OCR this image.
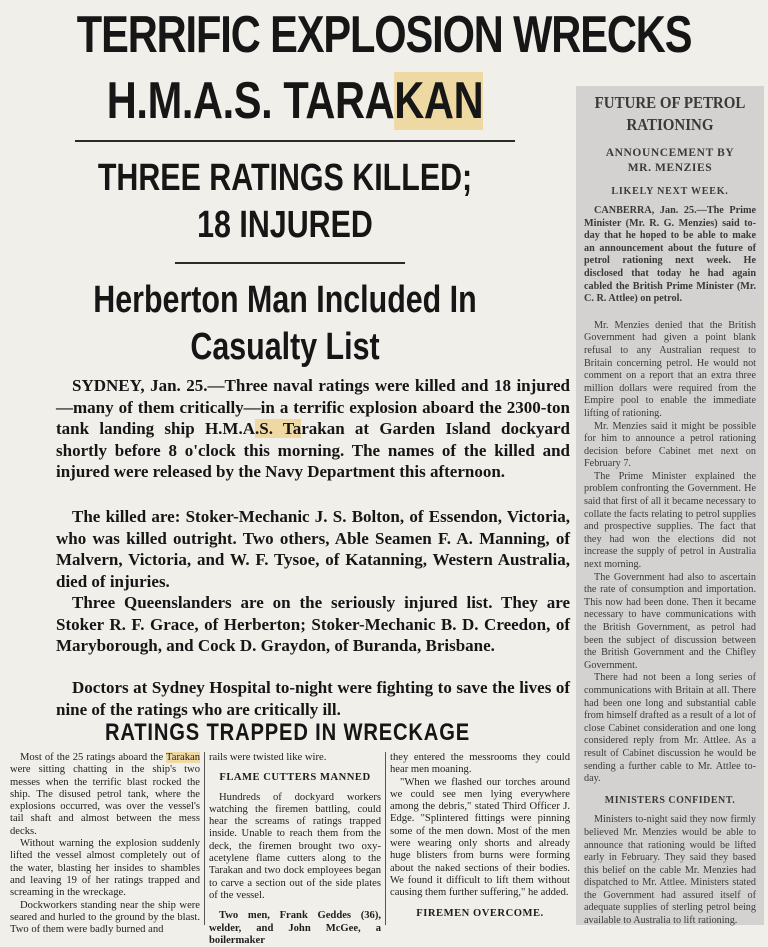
TERRIFIC EXPLOSION WRECKS
H.M.A.S. TARAKAN
THREE RATINGS KILLED;
18 INJURED
Herberton Man Included In
Casualty List

SYDNEY, Jan. 25.—Three naval ratings were killed and 18 injured—many of them critically—in a terrific explosion aboard the 2300-ton tank landing ship H.M.A.S. Tarakan at Garden Island dockyard shortly before 8 o'clock this morning. The names of the killed and injured were released by the Navy Department this afternoon.

The killed are: Stoker-Mechanic J. S. Bolton, of Essendon, Victoria, who was killed outright. Two others, Able Seamen F. A. Manning, of Malvern, Victoria, and W. F. Tysoe, of Katanning, Western Australia, died of injuries.

Three Queenslanders are on the seriously injured list. They are Stoker R. F. Grace, of Herberton; Stoker-Mechanic B. D. Creedon, of Maryborough, and Cock D. Graydon, of Buranda, Brisbane.

Doctors at Sydney Hospital to-night were fighting to save the lives of nine of the ratings who are critically ill.

RATINGS TRAPPED IN WRECKAGE

Most of the 25 ratings aboard the Tarakan were sitting chatting in the ship's two messes when the terrific blast rocked the ship. The disused petrol tank, where the explosions occurred, was over the vessel's tail shaft and almost between the mess decks.

Without warning the explosion suddenly lifted the vessel almost completely out of the water, blasting her insides to shambles and leaving 19 of her ratings trapped and screaming in the wreckage.

Dockworkers standing near the ship were seared and hurled to the ground by the blast. Two of them were badly burned and

rails were twisted like wire.

FLAME CUTTERS MANNED

Hundreds of dockyard workers watching the firemen battling, could hear the screams of ratings trapped inside. Unable to reach them from the deck, the firemen brought two oxy-acetylene flame cutters along to the Tarakan and two dock employees began to carve a section out of the side plates of the vessel.

Two men, Frank Geddes (36), welder, and John McGee, a boilermaker

they entered the messrooms they could hear men moaning.

"When we flashed our torches around we could see men lying everywhere among the debris," stated Third Officer J. Edge. "Splintered fittings were pinning some of the men down. Most of the men were wearing only shorts and already huge blisters from burns were forming about the naked sections of their bodies. We found it difficult to lift them without causing them further suffering," he added.

FIREMEN OVERCOME.

FUTURE OF PETROL
RATIONING
ANNOUNCEMENT BY
MR. MENZIES
LIKELY NEXT WEEK.

CANBERRA, Jan. 25.—The Prime Minister (Mr. R. G. Menzies) said to-day that he hoped to be able to make an announcement about the future of petrol rationing next week. He disclosed that today he had again cabled the British Prime Minister (Mr. C. R. Attlee) on petrol.

Mr. Menzies denied that the British Government had given a point blank refusal to any Australian request to Britain concerning petrol. He would not comment on a report that an extra three million dollars were required from the Empire pool to enable the immediate lifting of rationing.

Mr. Menzies said it might be possible for him to announce a petrol rationing decision before Cabinet met next on February 7.

The Prime Minister explained the problem confronting the Government. He said that first of all it became necessary to collate the facts relating to petrol supplies and prospective supplies. The fact that they had won the elections did not increase the supply of petrol in Australia next morning.

The Government had also to ascertain the rate of consumption and importation. This now had been done. Then it became necessary to have communications with the British Government, as petrol had been the subject of discussion between the British Government and the Chifley Government.

There had not been a long series of communications with Britain at all. There had been one long and substantial cable from himself drafted as a result of a lot of close Cabinet consideration and one long considered reply from Mr. Attlee. As a result of Cabinet discussion he would be sending a further cable to Mr. Attlee to-day.

MINISTERS CONFIDENT.

Ministers to-night said they now firmly believed Mr. Menzies would be able to announce that rationing would be lifted early in February. They said they based this belief on the cable Mr. Menzies had dispatched to Mr. Attlee. Ministers stated the Government had assured itself of adequate supplies of sterling petrol being available to Australia to lift rationing.
